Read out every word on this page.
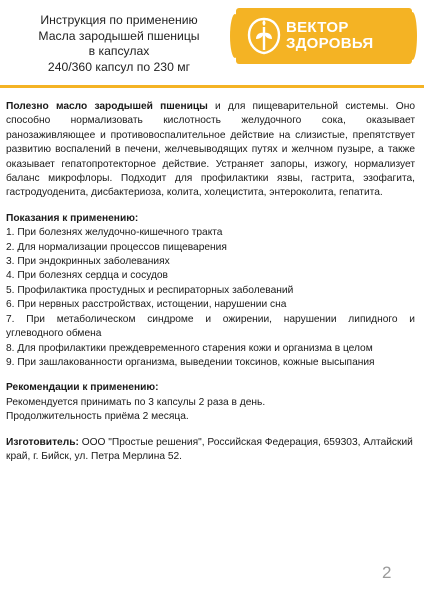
Инструкция по применению
Масла зародышей пшеницы
в капсулах
240/360 капсул по 230 мг
ВЕКТОР
ЗДОРОВЬЯ

Полезно масло зародышей пшеницы и для пищеварительной системы. Оно способно нормализовать кислотность желудочного сока, оказывает ранозаживляющее и противовоспалительное действие на слизистые, препятствует развитию воспалений в печени, желчевыводящих путях и желчном пузыре, а также оказывает гепатопротекторное действие. Устраняет запоры, изжогу, нормализует баланс микрофлоры. Подходит для профилактики язвы, гастрита, эзофагита, гастродуоденита, дисбактериоза, колита, холецистита, энтероколита, гепатита.

Показания к применению:
1. При болезнях желудочно-кишечного тракта
2. Для нормализации процессов пищеварения
3. При эндокринных заболеваниях
4. При болезнях сердца и сосудов
5. Профилактика простудных и респираторных заболеваний
6. При нервных расстройствах, истощении, нарушении сна
7. При метаболическом синдроме и ожирении, нарушении липидного и
углеводного обмена
8. Для профилактики преждевременного старения кожи и организма в целом
9. При зашлакованности организма, выведении токсинов, кожные высыпания
Рекомендации к применению:

Рекомендуется принимать по 3 капсулы 2 раза в день.

Продолжительность приёма 2 месяца.

Изготовитель: ООО "Простые решения", Российская Федерация, 659303, Алтайский край, г. Бийск, ул. Петра Мерлина 52.
2
